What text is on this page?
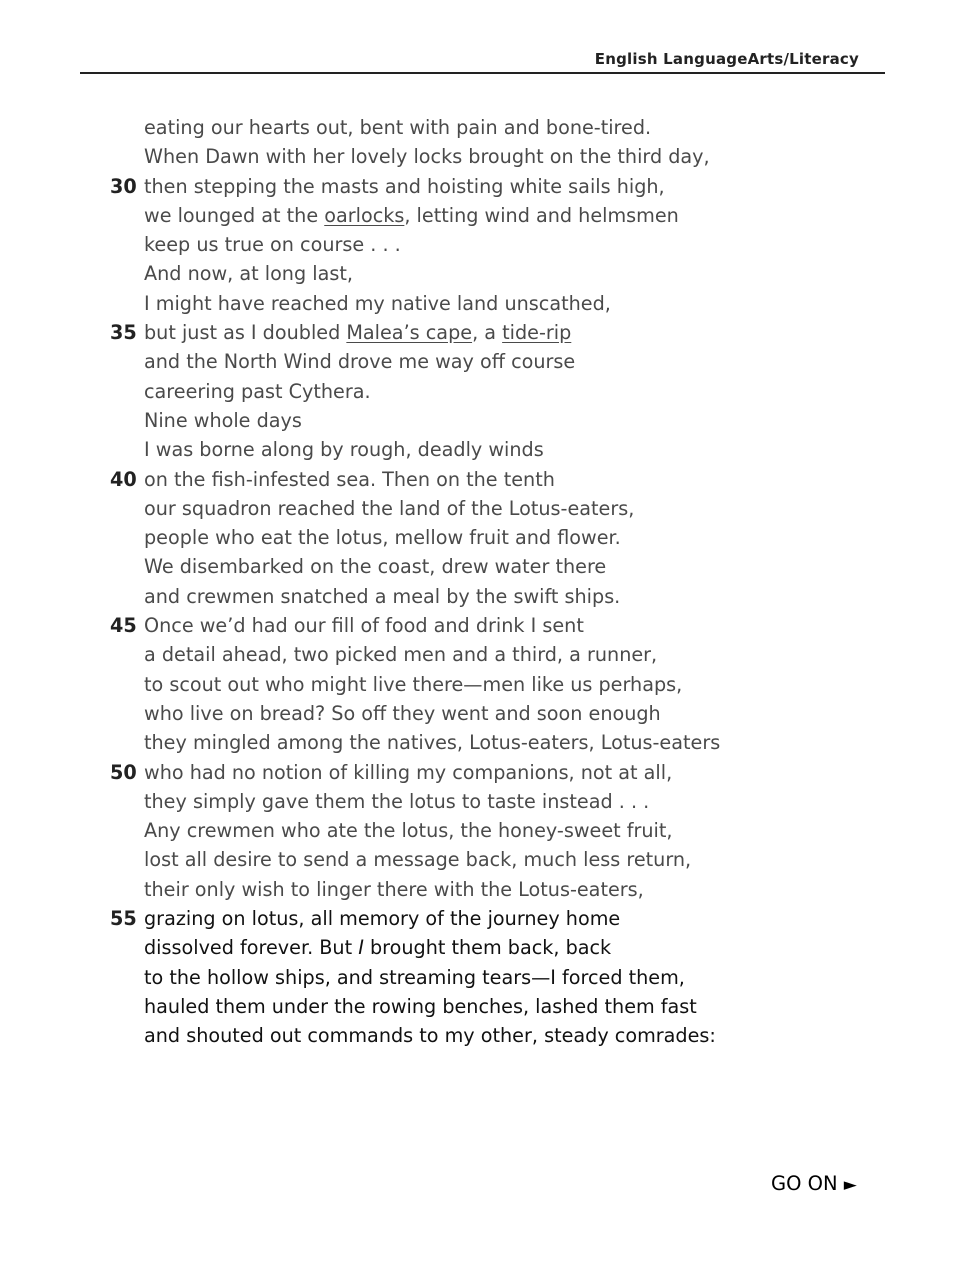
English LanguageArts/Literacy
eating our hearts out, bent with pain and bone-tired.
When Dawn with her lovely locks brought on the third day,
30 then stepping the masts and hoisting white sails high,
we lounged at the oarlocks, letting wind and helmsmen
keep us true on course . . .
And now, at long last,
I might have reached my native land unscathed,
35 but just as I doubled Malea’s cape, a tide-rip
and the North Wind drove me way off course
careering past Cythera.
Nine whole days
I was borne along by rough, deadly winds
40 on the fish-infested sea. Then on the tenth
our squadron reached the land of the Lotus-eaters,
people who eat the lotus, mellow fruit and flower.
We disembarked on the coast, drew water there
and crewmen snatched a meal by the swift ships.
45 Once we’d had our fill of food and drink I sent
a detail ahead, two picked men and a third, a runner,
to scout out who might live there—men like us perhaps,
who live on bread? So off they went and soon enough
they mingled among the natives, Lotus-eaters, Lotus-eaters
50 who had no notion of killing my companions, not at all,
they simply gave them the lotus to taste instead . . .
Any crewmen who ate the lotus, the honey-sweet fruit,
lost all desire to send a message back, much less return,
their only wish to linger there with the Lotus-eaters,
55 grazing on lotus, all memory of the journey home
dissolved forever. But I brought them back, back
to the hollow ships, and streaming tears—I forced them,
hauled them under the rowing benches, lashed them fast
and shouted out commands to my other, steady comrades:
GO ON ►
